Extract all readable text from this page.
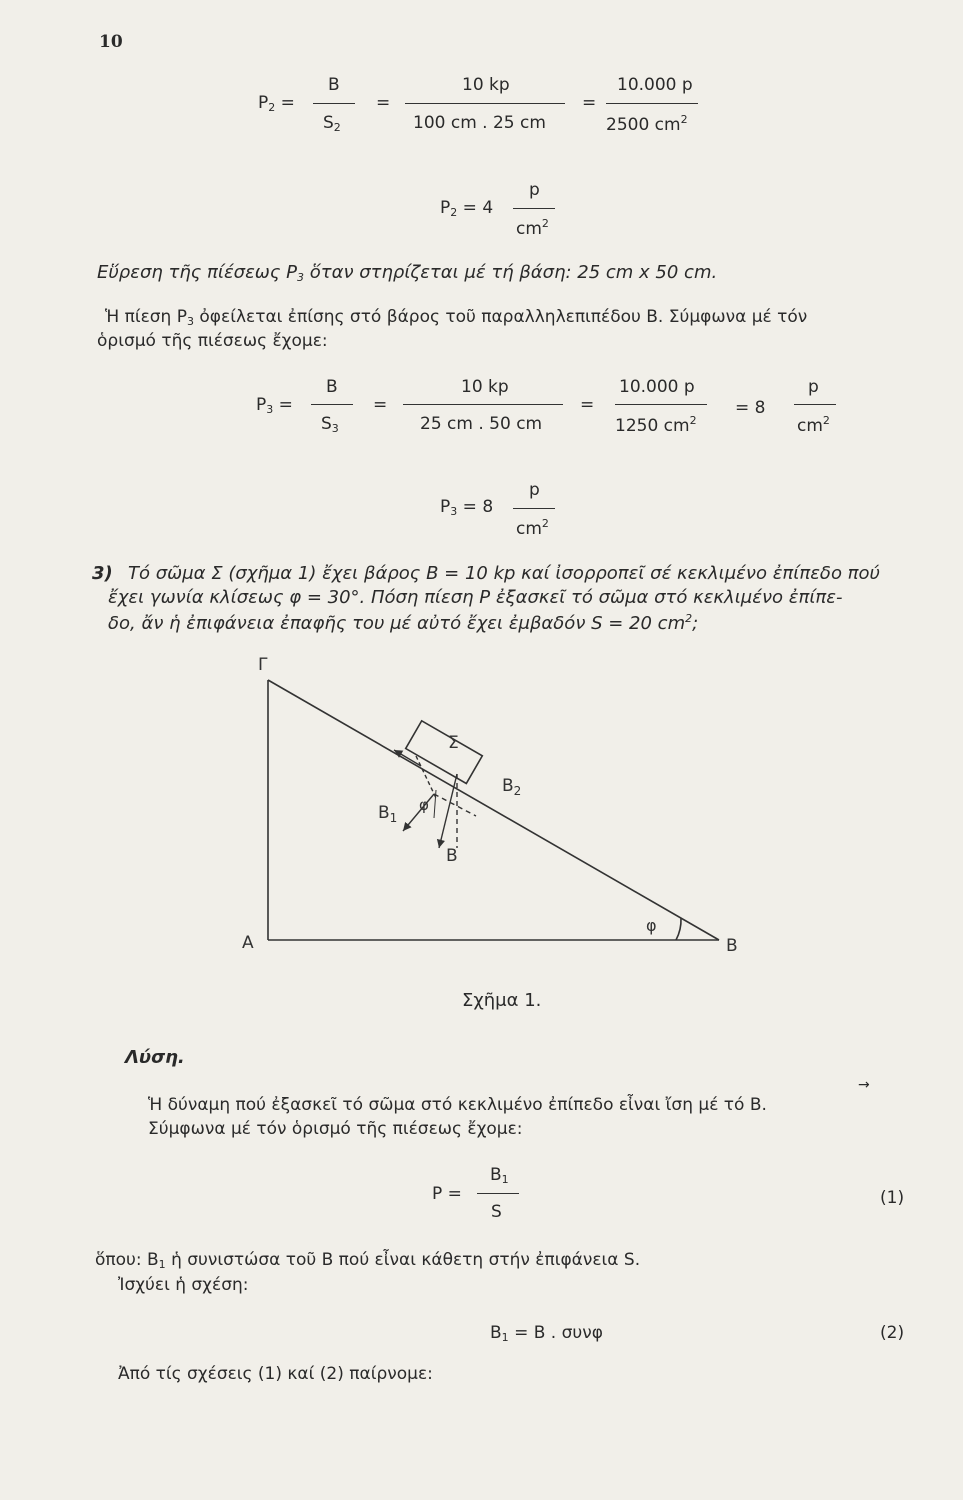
10
$P_2$ =
B
$S_2$
=
10 kp
100 cm . 25 cm
=
10.000 p
2500 $cm^2$
$P_2 = 4$
p
$cm^2$
Εὕρεση τῆς πίέσεως $P_3$ ὅταν στηρίζεται μέ τή βάση: 25 cm x 50 cm.
Ἡ πίεση $P_3$ ὀφείλεται ἐπίσης στό βάρος τοῦ παραλληλεπιπέδου B. Σύμφωνα μέ τόν
ὁρισμό τῆς πιέσεως ἔχομε:
$P_3$ =
B
$S_3$
=
10 kp
25 cm . 50 cm
=
10.000 p
1250 $cm^2$
= 8
p
$cm^2$
$P_3 = 8$
p
$cm^2$
3) Τό σῶμα Σ (σχῆμα 1) ἔχει βάρος B = 10 kp καί ἰσορροπεῖ σέ κεκλιμένο ἐπίπεδο πού
ἔχει γωνία κλίσεως φ = 30°. Πόση πίεση P ἐξασκεῖ τό σῶμα στό κεκλιμένο ἐπίπε-
δο, ἄν ἡ ἐπιφάνεια ἐπαφῆς του μέ αὐτό ἔχει ἐμβαδόν S = 20 $cm^2$;
Γ
Α	B
Σ
$B_2$
$B_1$
B
φ
φ
Σχῆμα 1.
Λύση.
→
Ἡ δύναμη πού ἐξασκεῖ τό σῶμα στό κεκλιμένο ἐπίπεδο εἶναι ἴση μέ τό B.
Σύμφωνα μέ τόν ὁρισμό τῆς πιέσεως ἔχομε:
P =
$B_1$
S
(1)
ὅπου: $B_1$ ἡ συνιστώσα τοῦ B πού εἶναι κάθετη στήν ἐπιφάνεια S.
Ἰσχύει ἡ σχέση:
$B_1 = B$ . συνφ	(2)
Ἀπό τίς σχέσεις (1) καί (2) παίρνομε:
